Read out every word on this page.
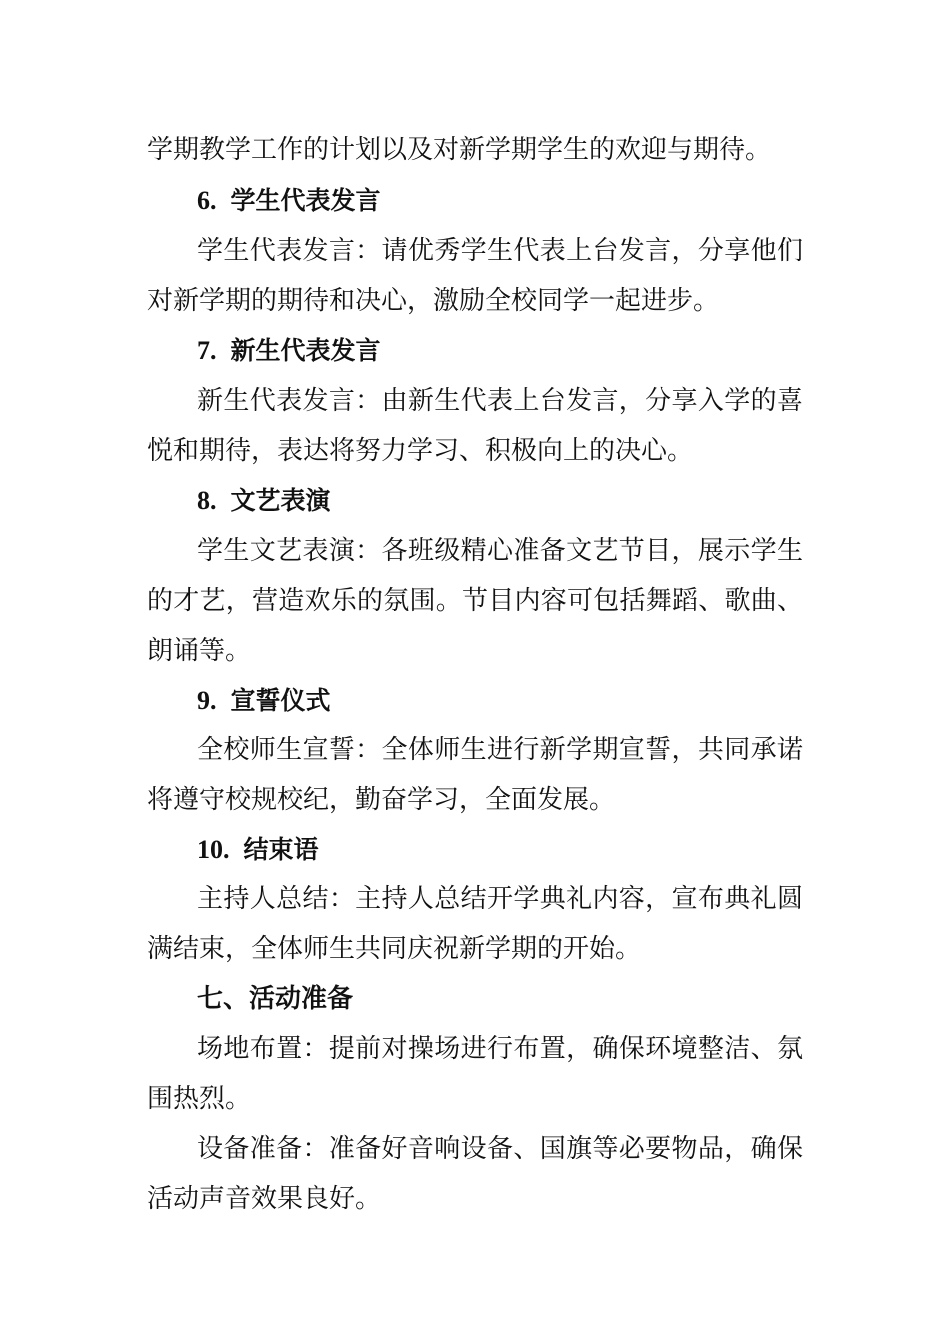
学期教学工作的计划以及对新学期学生的欢迎与期待。
6. 学生代表发言
学生代表发言：请优秀学生代表上台发言，分享他们
对新学期的期待和决心，激励全校同学一起进步。
7. 新生代表发言
新生代表发言：由新生代表上台发言，分享入学的喜
悦和期待，表达将努力学习、积极向上的决心。
8. 文艺表演
学生文艺表演：各班级精心准备文艺节目，展示学生
的才艺，营造欢乐的氛围。节目内容可包括舞蹈、歌曲、
朗诵等。
9. 宣誓仪式
全校师生宣誓：全体师生进行新学期宣誓，共同承诺
将遵守校规校纪，勤奋学习，全面发展。
10. 结束语
主持人总结：主持人总结开学典礼内容，宣布典礼圆
满结束，全体师生共同庆祝新学期的开始。
七、活动准备
场地布置：提前对操场进行布置，确保环境整洁、氛
围热烈。
设备准备：准备好音响设备、国旗等必要物品，确保
活动声音效果良好。
